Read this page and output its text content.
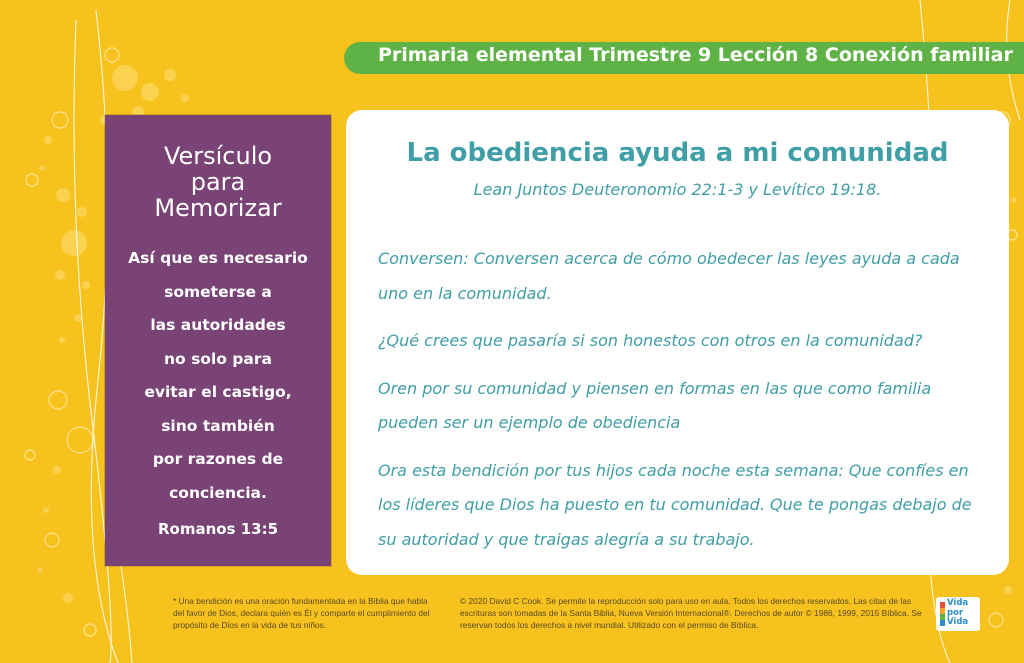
Primaria elemental Trimestre 9 Lección 8 Conexión familiar
Versículo
para
Memorizar
Así que es necesario
someterse a
las autoridades
no solo para
evitar el castigo,
sino también
por razones de
conciencia.
Romanos 13:5
La obediencia ayuda a mi comunidad
Lean Juntos Deuteronomio 22:1-3 y Levítico 19:18.

Conversen: Conversen acerca de cómo obedecer las leyes ayuda a cada uno en la comunidad.

¿Qué crees que pasaría si son honestos con otros en la comunidad?

Oren por su comunidad y piensen en formas en las que como familia pueden ser un ejemplo de obediencia

Ora esta bendición por tus hijos cada noche esta semana: Que confíes en los líderes que Dios ha puesto en tu comunidad. Que te pongas debajo de su autoridad y que traigas alegría a su trabajo.

* Una bendición es una oración fundamentada en la Biblia que habla del favor de Dios, declara quién es Él y comparte el cumplimiento del propósito de Dios en la vida de tus niños.
© 2020 David C Cook. Se permite la reproducción solo para uso en aula. Todos los derechos reservados. Las citas de las escrituras son tomadas de la Santa Biblia, Nueva Versión Internacional®. Derechos de autor © 1986, 1999, 2015 Bíblica. Se reservan todos los derechos a nivel mundial. Utilizado con el permiso de Bíblica.
Vida
por
Vida
